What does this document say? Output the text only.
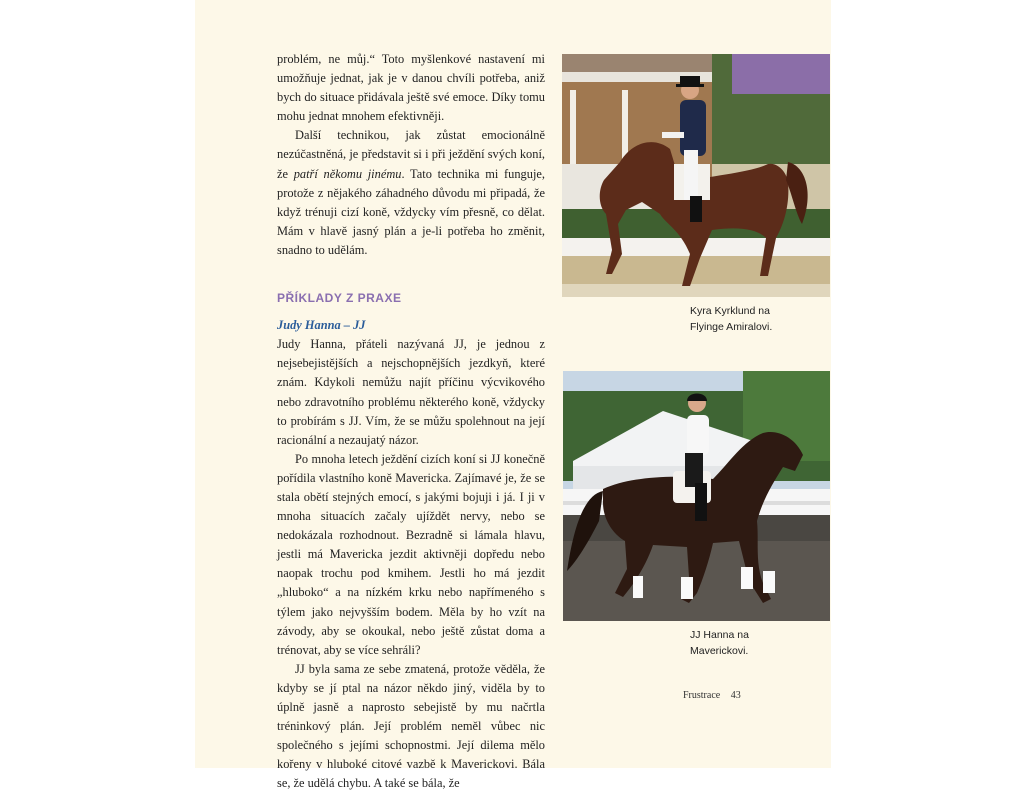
problém, ne můj.“ Toto myšlenkové nastavení mi umožňuje jednat, jak je v danou chvíli potřeba, aniž bych do situace přidávala ještě své emoce. Díky tomu mohu jednat mnohem efektivněji.

Další technikou, jak zůstat emocionálně nezúčastněná, je představit si i při ježdění svých koní, že patří někomu jinému. Tato technika mi funguje, protože z nějakého záhadného důvodu mi připadá, že když trénuji cizí koně, vždycky vím přesně, co dělat. Mám v hlavě jasný plán a je-li potřeba ho změnit, snadno to udělám.

PŘÍKLADY Z PRAXE

Judy Hanna – JJ

Judy Hanna, přáteli nazývaná JJ, je jednou z nejsebejistějších a nejschopnějších jezdkyň, které znám. Kdykoli nemůžu najít příčinu výcvikového nebo zdravotního problému některého koně, vždycky to probírám s JJ. Vím, že se můžu spolehnout na její racionální a nezaujatý názor.

Po mnoha letech ježdění cizích koní si JJ konečně pořídila vlastního koně Mavericka. Zajímavé je, že se stala obětí stejných emocí, s jakými bojuji i já. I ji v mnoha situacích začaly ujíždět nervy, nebo se nedokázala rozhodnout. Bezradně si lámala hlavu, jestli má Mavericka jezdit aktivněji dopředu nebo naopak trochu pod kmihem. Jestli ho má jezdit „hluboko“ a na nízkém krku nebo napřímeného s týlem jako nejvyšším bodem. Měla by ho vzít na závody, aby se okoukal, nebo ještě zůstat doma a trénovat, aby se více sehráli?

JJ byla sama ze sebe zmatená, protože věděla, že kdyby se jí ptal na názor někdo jiný, viděla by to úplně jasně a naprosto sebejistě by mu načrtla tréninkový plán. Její problém neměl vůbec nic společného s jejími schopnostmi. Její dilema mělo kořeny v hluboké citové vazbě k Maverickovi. Bála se, že udělá chybu. A také se bála, že

Kyra Kyrklund na
Flyinge Amiralovi.
JJ Hanna na
Maverickovi.
Frustrace 43
